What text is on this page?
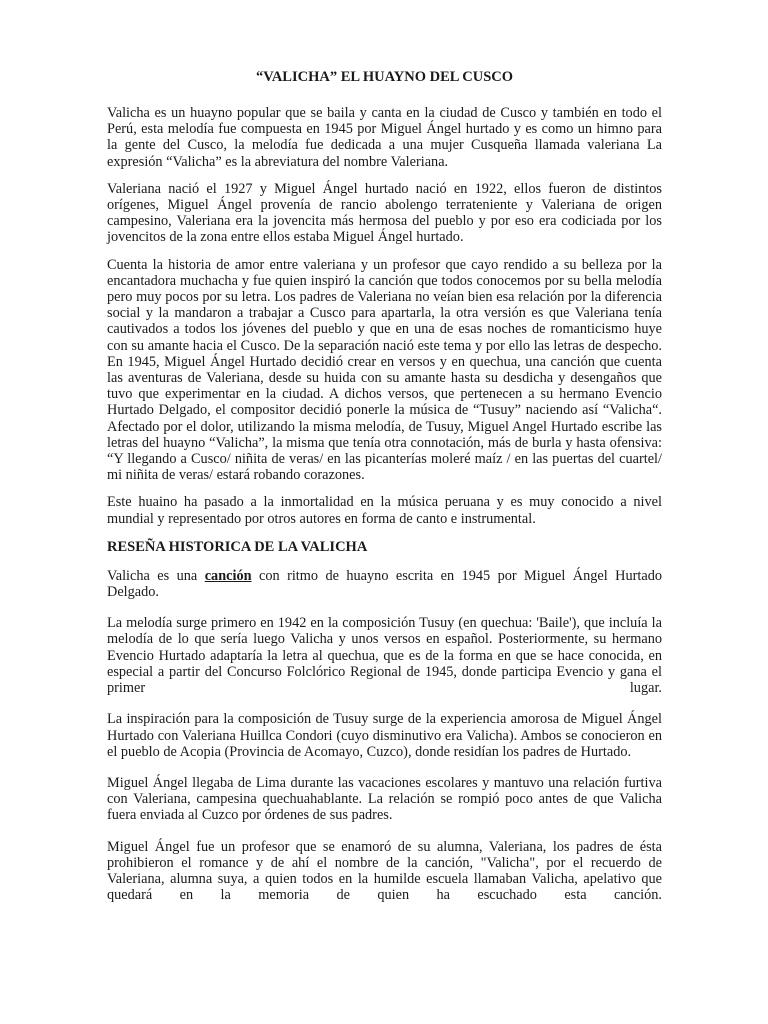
“VALICHA” EL HUAYNO DEL CUSCO

Valicha es un huayno popular que se baila y canta en la ciudad de Cusco y también en todo el Perú, esta melodía fue compuesta en 1945 por Miguel Ángel hurtado y es como un himno para la gente del Cusco, la melodía fue dedicada a una mujer Cusqueña llamada valeriana La expresión “Valicha” es la abreviatura del nombre Valeriana.

Valeriana nació el 1927 y Miguel Ángel hurtado nació en 1922, ellos fueron de distintos orígenes, Miguel Ángel provenía de rancio abolengo terrateniente y Valeriana de origen campesino, Valeriana era la jovencita más hermosa del pueblo y por eso era codiciada por los jovencitos de la zona entre ellos estaba Miguel Ángel hurtado.

Cuenta la historia de amor entre valeriana y un profesor que cayo rendido a su belleza por la encantadora muchacha y fue quien inspiró la canción que todos conocemos por su bella melodía pero muy pocos por su letra. Los padres de Valeriana no veían bien esa relación por la diferencia social y la mandaron a trabajar a Cusco para apartarla, la otra versión es que Valeriana tenía cautivados a todos los jóvenes del pueblo y que en una de esas noches de romanticismo huye con su amante hacia el Cusco. De la separación nació este tema y por ello las letras de despecho. En 1945, Miguel Ángel Hurtado decidió crear en versos y en quechua, una canción que cuenta las aventuras de Valeriana, desde su huida con su amante hasta su desdicha y desengaños que tuvo que experimentar en la ciudad. A dichos versos, que pertenecen a su hermano Evencio Hurtado Delgado, el compositor decidió ponerle la música de “Tusuy” naciendo así “Valicha“. Afectado por el dolor, utilizando la misma melodía, de Tusuy, Miguel Angel Hurtado escribe las letras del huayno “Valicha”, la misma que tenía otra connotación, más de burla y hasta ofensiva: “Y llegando a Cusco/ niñita de veras/ en las picanterías moleré maíz / en las puertas del cuartel/ mi niñita de veras/ estará robando corazones.

Este huaino ha pasado a la inmortalidad en la música peruana y es muy conocido a nivel mundial y representado por otros autores en forma de canto e instrumental.

RESEÑA HISTORICA DE LA VALICHA

Valicha es una canción con ritmo de huayno escrita en 1945 por Miguel Ángel Hurtado Delgado.

La melodía surge primero en 1942 en la composición Tusuy (en quechua: 'Baile'), que incluía la melodía de lo que sería luego Valicha y unos versos en español. Posteriormente, su hermano Evencio Hurtado adaptaría la letra al quechua, que es de la forma en que se hace conocida, en especial a partir del Concurso Folclórico Regional de 1945, donde participa Evencio y gana el primer lugar.

La inspiración para la composición de Tusuy surge de la experiencia amorosa de Miguel Ángel Hurtado con Valeriana Huillca Condori (cuyo disminutivo era Valicha). Ambos se conocieron en el pueblo de Acopia (Provincia de Acomayo, Cuzco), donde residían los padres de Hurtado.

Miguel Ángel llegaba de Lima durante las vacaciones escolares y mantuvo una relación furtiva con Valeriana, campesina quechuahablante. La relación se rompió poco antes de que Valicha fuera enviada al Cuzco por órdenes de sus padres.

Miguel Ángel fue un profesor que se enamoró de su alumna, Valeriana, los padres de ésta prohibieron el romance y de ahí el nombre de la canción, "Valicha", por el recuerdo de Valeriana, alumna suya, a quien todos en la humilde escuela llamaban Valicha, apelativo que quedará en la memoria de quien ha escuchado esta canción.
